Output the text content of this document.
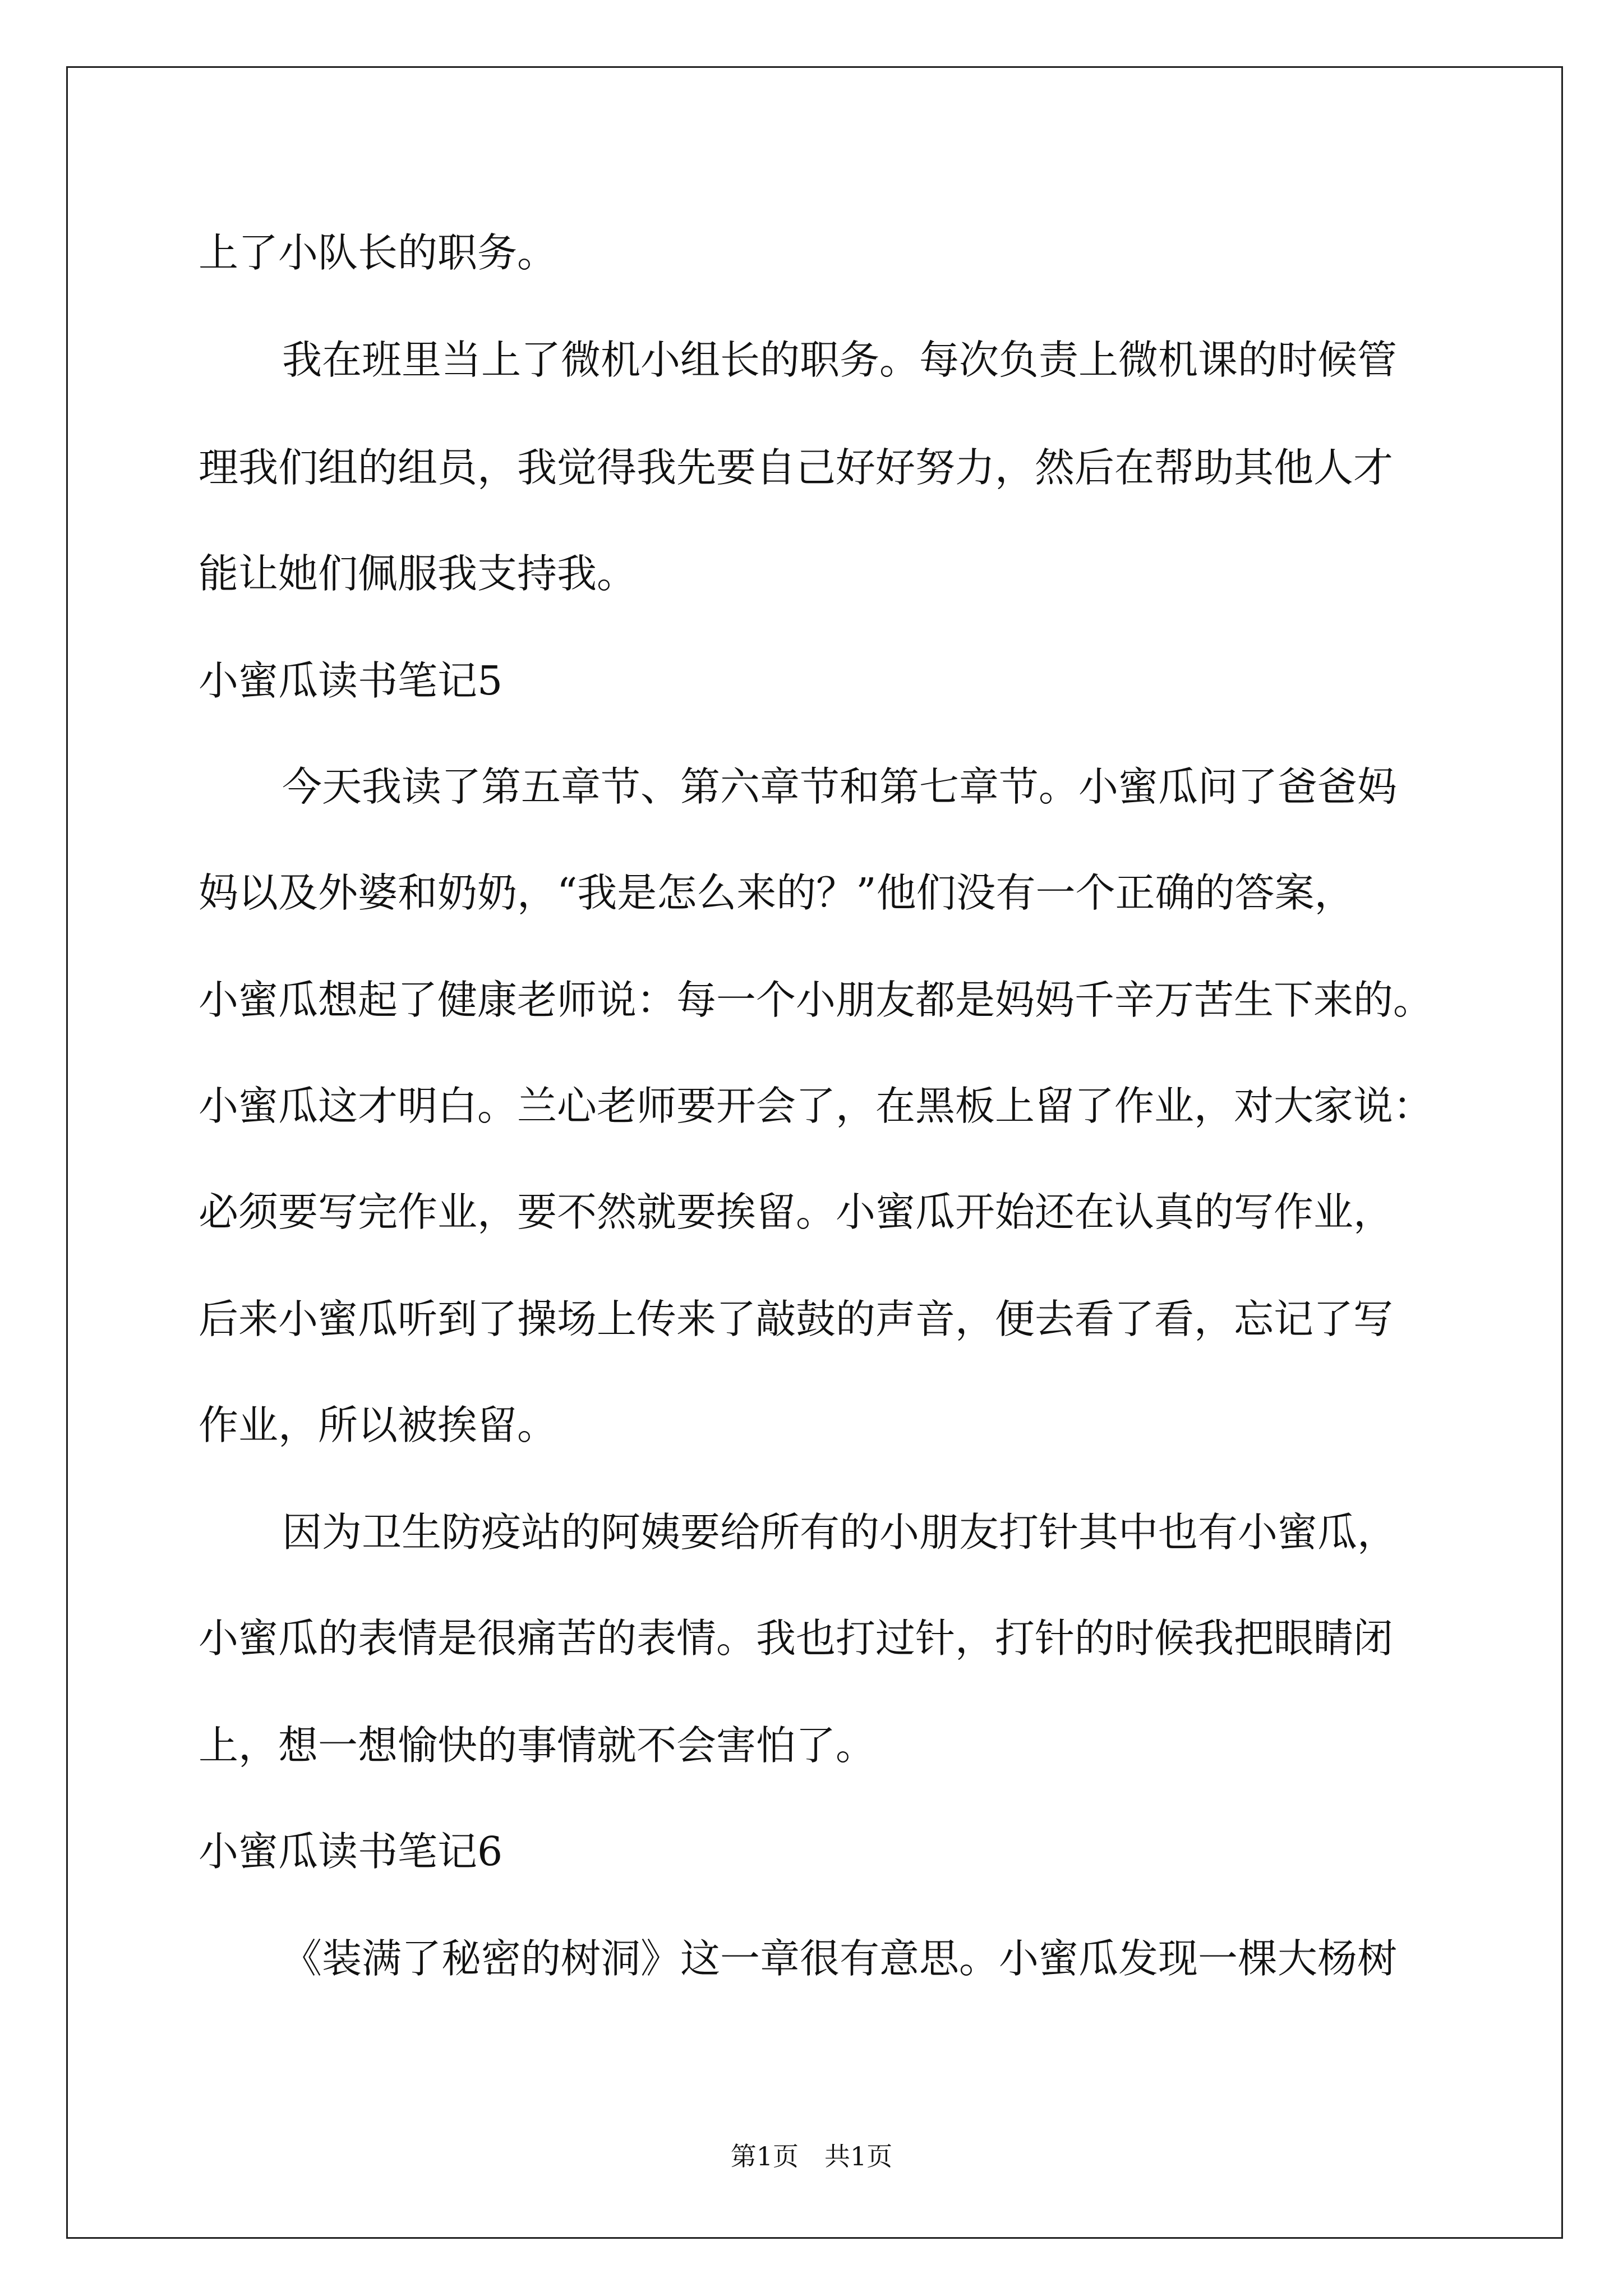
上了小队长的职务。
我在班里当上了微机小组长的职务。每次负责上微机课的时候管
理我们组的组员，我觉得我先要自己好好努力，然后在帮助其他人才
能让她们佩服我支持我。
小蜜瓜读书笔记5
今天我读了第五章节、第六章节和第七章节。小蜜瓜问了爸爸妈
妈以及外婆和奶奶，“我是怎么来的？”他们没有一个正确的答案，
小蜜瓜想起了健康老师说：每一个小朋友都是妈妈千辛万苦生下来的。
小蜜瓜这才明白。兰心老师要开会了，在黑板上留了作业，对大家说：
必须要写完作业，要不然就要挨留。小蜜瓜开始还在认真的写作业，
后来小蜜瓜听到了操场上传来了敲鼓的声音，便去看了看，忘记了写
作业，所以被挨留。
因为卫生防疫站的阿姨要给所有的小朋友打针其中也有小蜜瓜，
小蜜瓜的表情是很痛苦的表情。我也打过针，打针的时候我把眼睛闭
上，想一想愉快的事情就不会害怕了。
小蜜瓜读书笔记6
《装满了秘密的树洞》这一章很有意思。小蜜瓜发现一棵大杨树
第1页　共1页
